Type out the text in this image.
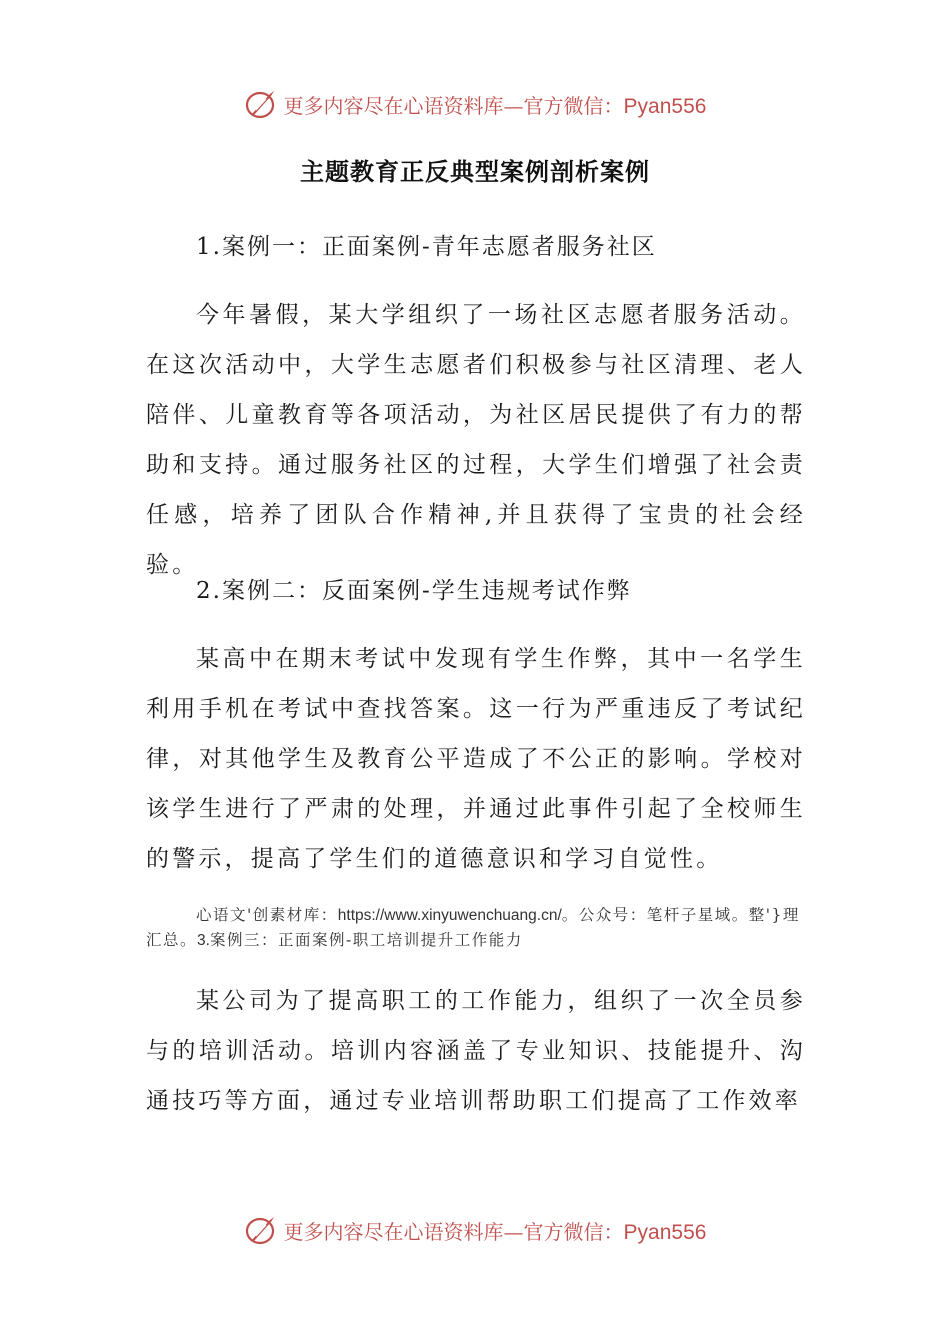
更多内容尽在心语资料库—官方微信：Pyan556
主题教育正反典型案例剖析案例
1.案例一：正面案例-青年志愿者服务社区
今年暑假，某大学组织了一场社区志愿者服务活动。在这次活动中，大学生志愿者们积极参与社区清理、老人陪伴、儿童教育等各项活动，为社区居民提供了有力的帮助和支持。通过服务社区的过程，大学生们增强了社会责任感，培养了团队合作精神,并且获得了宝贵的社会经验。
2.案例二：反面案例-学生违规考试作弊
某高中在期末考试中发现有学生作弊，其中一名学生利用手机在考试中查找答案。这一行为严重违反了考试纪律，对其他学生及教育公平造成了不公正的影响。学校对该学生进行了严肃的处理，并通过此事件引起了全校师生的警示，提高了学生们的道德意识和学习自觉性。
心语文'创素材库：https://www.xinyuwenchuang.cn/。公众号：笔杆子星域。整'}理汇总。3.案例三：正面案例-职工培训提升工作能力
某公司为了提高职工的工作能力，组织了一次全员参与的培训活动。培训内容涵盖了专业知识、技能提升、沟通技巧等方面，通过专业培训帮助职工们提高了工作效率
更多内容尽在心语资料库—官方微信：Pyan556
